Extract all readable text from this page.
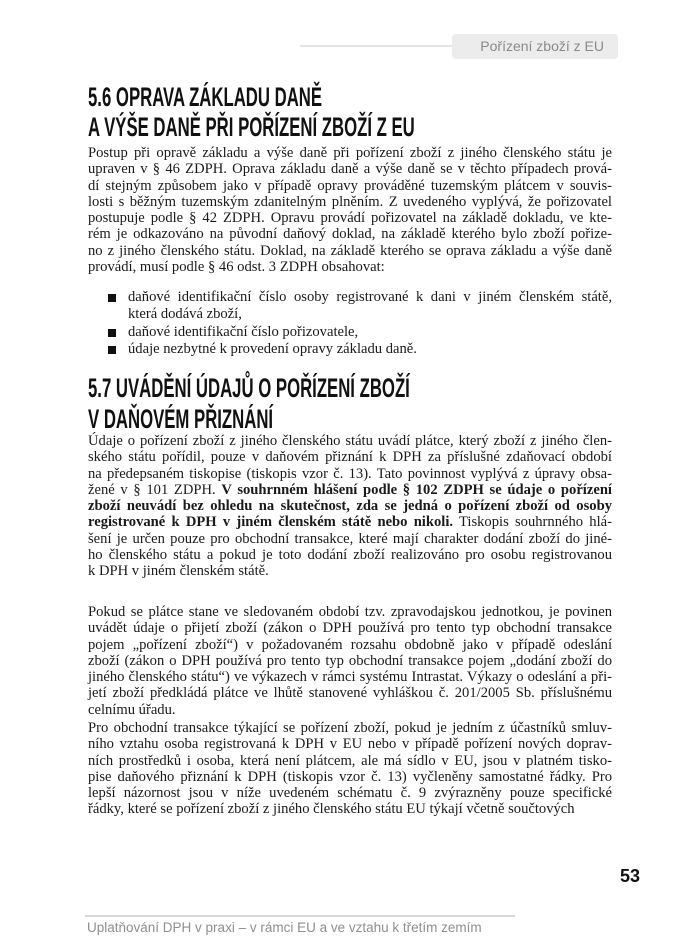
Pořízení zboží z EU
5.6 OPRAVA ZÁKLADU DANĚ
A VÝŠE DANĚ PŘI POŘÍZENÍ ZBOŽÍ Z EU
Postup při opravě základu a výše daně při pořízení zboží z jiného členského státu je
upraven v § 46 ZDPH. Oprava základu daně a výše daně se v těchto případech prová-
dí stejným způsobem jako v případě opravy prováděné tuzemským plátcem v souvis-
losti s běžným tuzemským zdanitelným plněním. Z uvedeného vyplývá, že pořizovatel
postupuje podle § 42 ZDPH. Opravu provádí pořizovatel na základě dokladu, ve kte-
rém je odkazováno na původní daňový doklad, na základě kterého bylo zboží pořize-
no z jiného členského státu. Doklad, na základě kterého se oprava základu a výše daně
provádí, musí podle § 46 odst. 3 ZDPH obsahovat:
daňové identifikační číslo osoby registrované k dani v jiném členském státě,
která dodává zboží,
daňové identifikační číslo pořizovatele,
údaje nezbytné k provedení opravy základu daně.
5.7 UVÁDĚNÍ ÚDAJŮ O POŘÍZENÍ ZBOŽÍ
V DAŇOVÉM PŘIZNÁNÍ
Údaje o pořízení zboží z jiného členského státu uvádí plátce, který zboží z jiného člen-
ského státu pořídil, pouze v daňovém přiznání k DPH za příslušné zdaňovací období
na předepsaném tiskopise (tiskopis vzor č. 13). Tato povinnost vyplývá z úpravy obsa-
žené v § 101 ZDPH. V souhrnném hlášení podle § 102 ZDPH se údaje o pořízení
zboží neuvádí bez ohledu na skutečnost, zda se jedná o pořízení zboží od osoby
registrované k DPH v jiném členském státě nebo nikoli. Tiskopis souhrnného hlá-
šení je určen pouze pro obchodní transakce, které mají charakter dodání zboží do jiné-
ho členského státu a pokud je toto dodání zboží realizováno pro osobu registrovanou
k DPH v jiném členském státě.
Pokud se plátce stane ve sledovaném období tzv. zpravodajskou jednotkou, je povinen
uvádět údaje o přijetí zboží (zákon o DPH používá pro tento typ obchodní transakce
pojem „pořízení zboží“) v požadovaném rozsahu obdobně jako v případě odeslání
zboží (zákon o DPH používá pro tento typ obchodní transakce pojem „dodání zboží do
jiného členského státu“) ve výkazech v rámci systému Intrastat. Výkazy o odeslání a při-
jetí zboží předkládá plátce ve lhůtě stanovené vyhláškou č. 201/2005 Sb. příslušnému
celnímu úřadu.
Pro obchodní transakce týkající se pořízení zboží, pokud je jedním z účastníků smluv-
ního vztahu osoba registrovaná k DPH v EU nebo v případě pořízení nových doprav-
ních prostředků i osoba, která není plátcem, ale má sídlo v EU, jsou v platném tisko-
pise daňového přiznání k DPH (tiskopis vzor č. 13) vyčleněny samostatné řádky. Pro
lepší názornost jsou v níže uvedeném schématu č. 9 zvýrazněny pouze specifické
řádky, které se pořízení zboží z jiného členského státu EU týkají včetně součtových
53
Uplatňování DPH v praxi – v rámci EU a ve vztahu k třetím zemím
